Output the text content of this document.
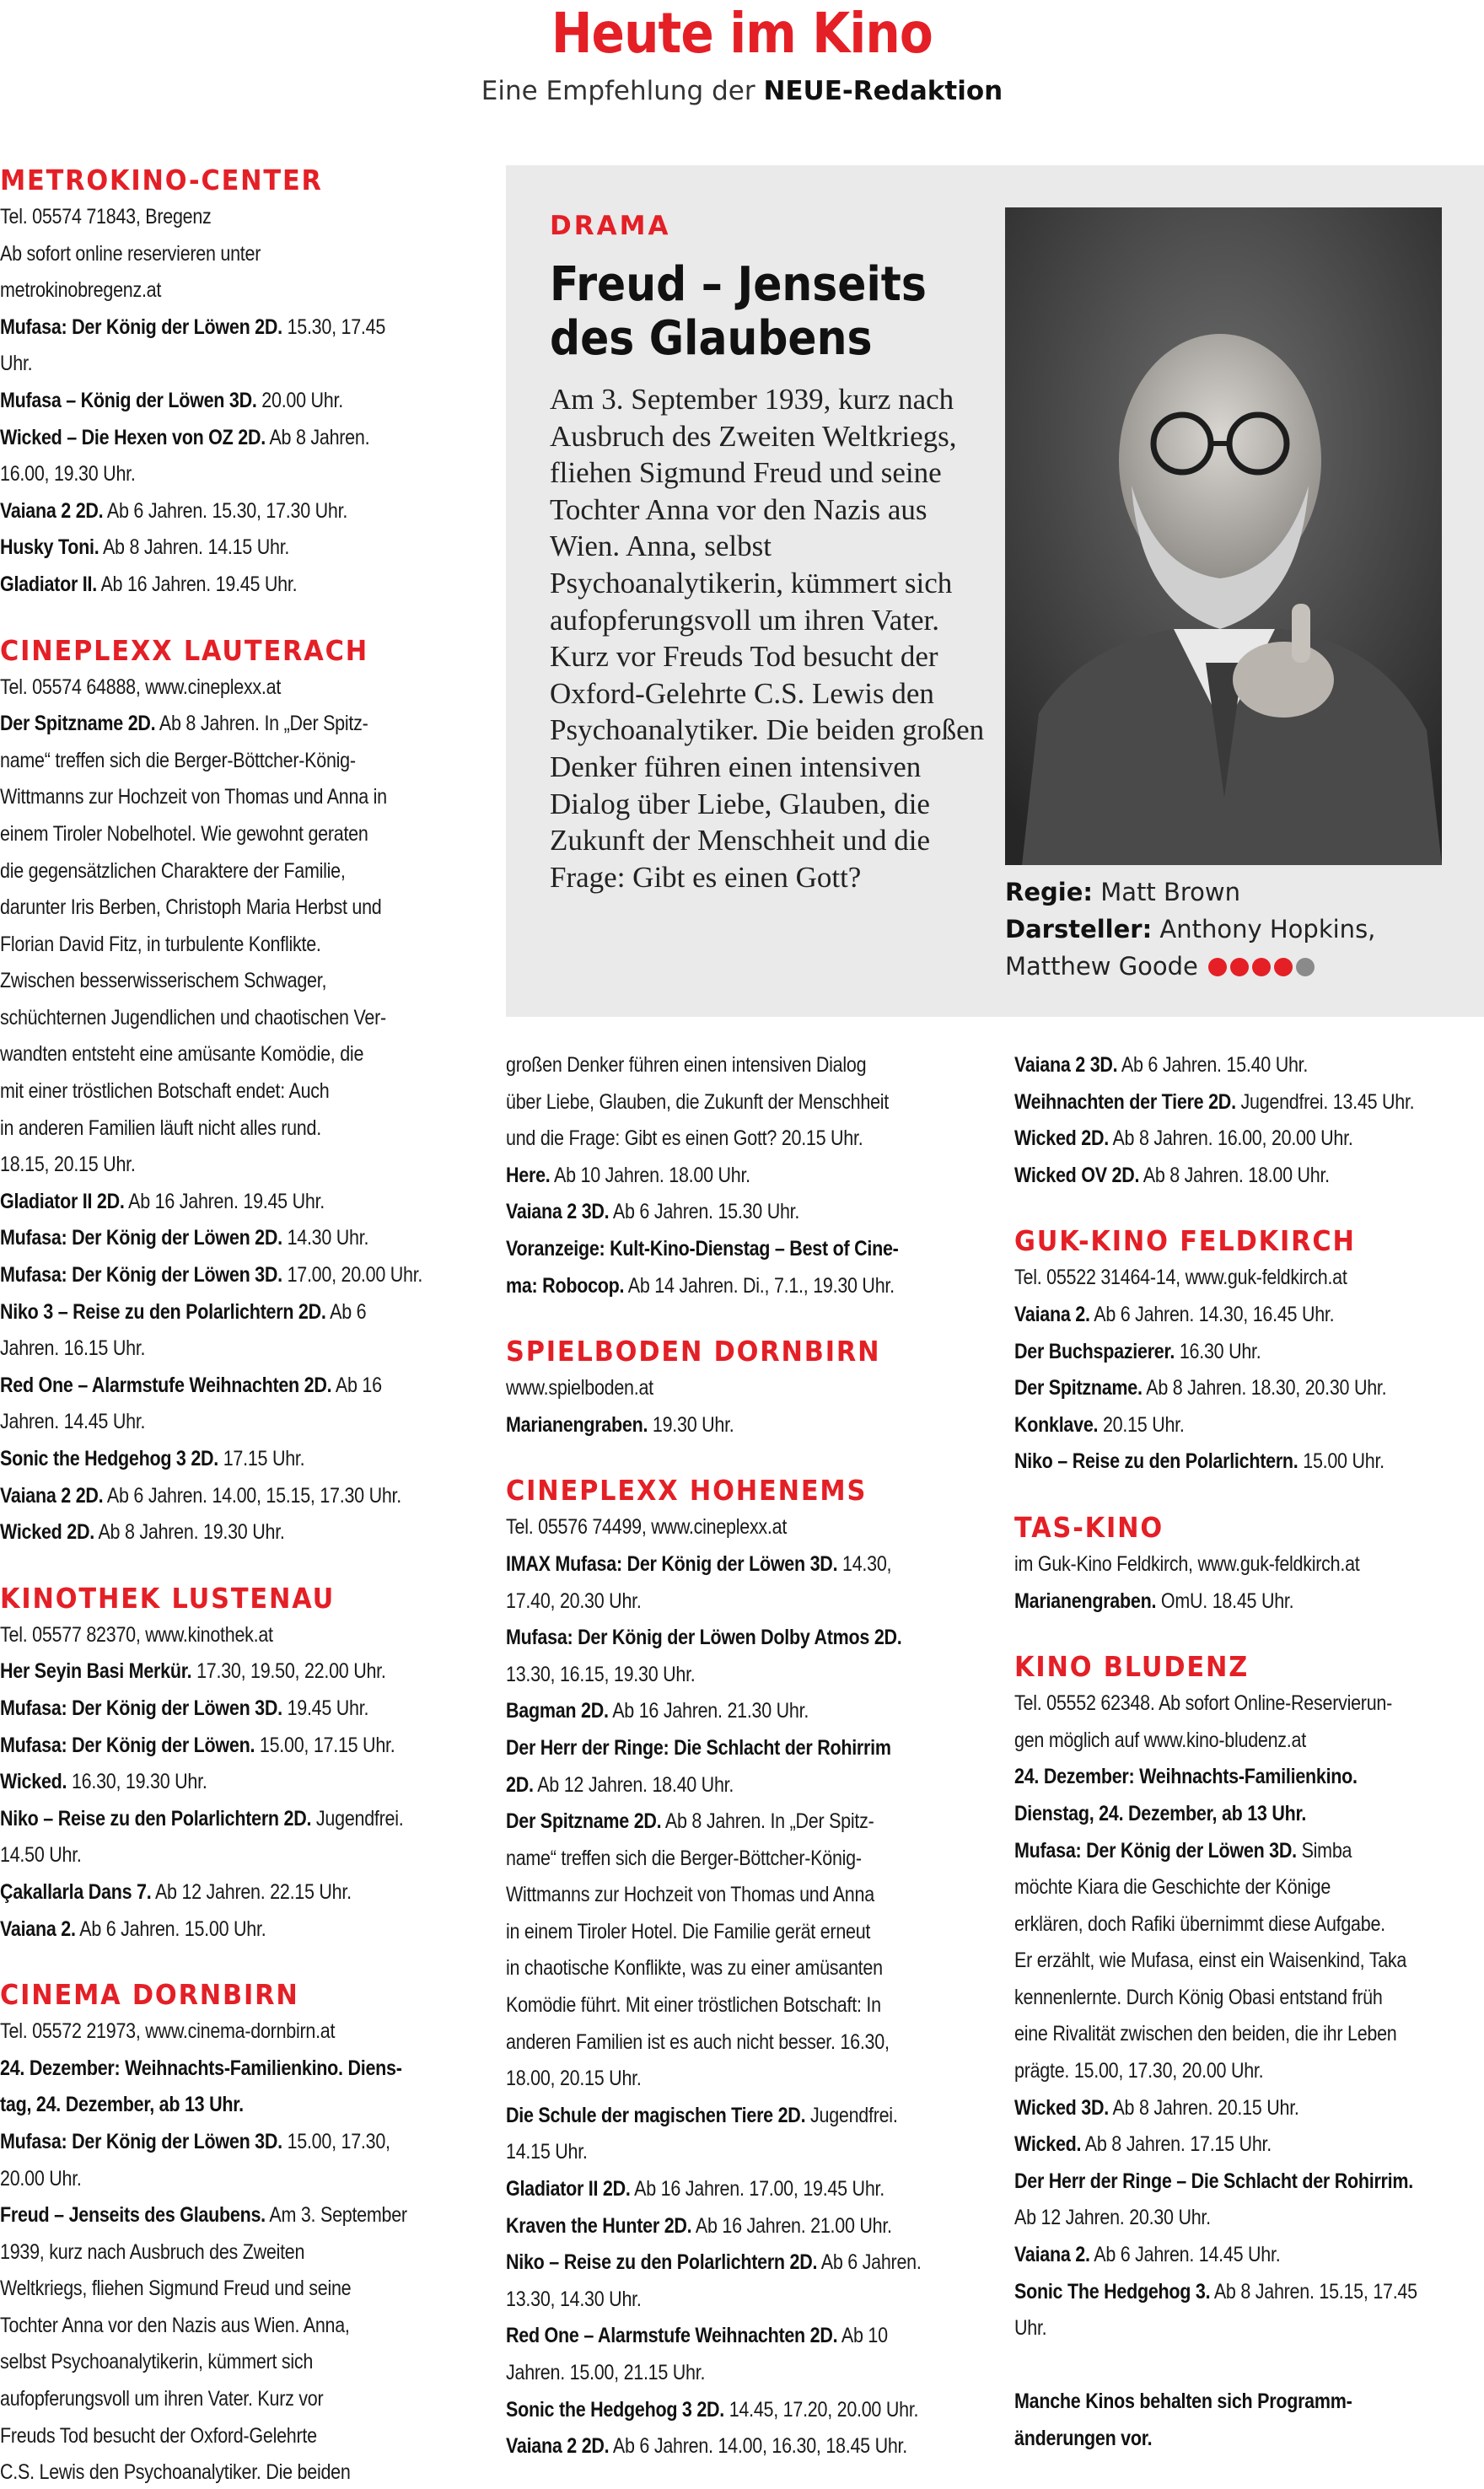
Heute im Kino
Eine Empfehlung der NEUE-Redaktion
METROKINO-CENTER
Tel. 05574 71843, Bregenz
Ab sofort online reservieren unter
metrokinobregenz.at
Mufasa: Der König der Löwen 2D. 15.30, 17.45
Uhr.
Mufasa – König der Löwen 3D. 20.00 Uhr.
Wicked – Die Hexen von OZ 2D. Ab 8 Jahren.
16.00, 19.30 Uhr.
Vaiana 2 2D. Ab 6 Jahren. 15.30, 17.30 Uhr.
Husky Toni. Ab 8 Jahren. 14.15 Uhr.
Gladiator II. Ab 16 Jahren. 19.45 Uhr.
CINEPLEXX LAUTERACH
Tel. 05574 64888, www.cineplexx.at
Der Spitzname 2D. Ab 8 Jahren. In „Der Spitz-
name“ treffen sich die Berger-Böttcher-König-
Wittmanns zur Hochzeit von Thomas und Anna in
einem Tiroler Nobelhotel. Wie gewohnt geraten
die gegensätzlichen Charaktere der Familie,
darunter Iris Berben, Christoph Maria Herbst und
Florian David Fitz, in turbulente Konflikte.
Zwischen besserwisserischem Schwager,
schüchternen Jugendlichen und chaotischen Ver-
wandten entsteht eine amüsante Komödie, die
mit einer tröstlichen Botschaft endet: Auch
in anderen Familien läuft nicht alles rund.
18.15, 20.15 Uhr.
Gladiator II 2D. Ab 16 Jahren. 19.45 Uhr.
Mufasa: Der König der Löwen 2D. 14.30 Uhr.
Mufasa: Der König der Löwen 3D. 17.00, 20.00 Uhr.
Niko 3 – Reise zu den Polarlichtern 2D. Ab 6
Jahren. 16.15 Uhr.
Red One – Alarmstufe Weihnachten 2D. Ab 16
Jahren. 14.45 Uhr.
Sonic the Hedgehog 3 2D. 17.15 Uhr.
Vaiana 2 2D. Ab 6 Jahren. 14.00, 15.15, 17.30 Uhr.
Wicked 2D. Ab 8 Jahren. 19.30 Uhr.
KINOTHEK LUSTENAU
Tel. 05577 82370, www.kinothek.at
Her Seyin Basi Merkür. 17.30, 19.50, 22.00 Uhr.
Mufasa: Der König der Löwen 3D. 19.45 Uhr.
Mufasa: Der König der Löwen. 15.00, 17.15 Uhr.
Wicked. 16.30, 19.30 Uhr.
Niko – Reise zu den Polarlichtern 2D. Jugendfrei.
14.50 Uhr.
Çakallarla Dans 7. Ab 12 Jahren. 22.15 Uhr.
Vaiana 2. Ab 6 Jahren. 15.00 Uhr.
CINEMA DORNBIRN
Tel. 05572 21973, www.cinema-dornbirn.at
24. Dezember: Weihnachts-Familienkino. Diens-
tag, 24. Dezember, ab 13 Uhr.
Mufasa: Der König der Löwen 3D. 15.00, 17.30,
20.00 Uhr.
Freud – Jenseits des Glaubens. Am 3. September
1939, kurz nach Ausbruch des Zweiten
Weltkriegs, fliehen Sigmund Freud und seine
Tochter Anna vor den Nazis aus Wien. Anna,
selbst Psychoanalytikerin, kümmert sich
aufopferungsvoll um ihren Vater. Kurz vor
Freuds Tod besucht der Oxford-Gelehrte
C.S. Lewis den Psychoanalytiker. Die beiden
DRAMA
Freud – Jenseits des Glaubens
Am 3. September 1939, kurz nach Ausbruch des Zweiten Weltkriegs, fliehen Sigmund Freud und seine Tochter Anna vor den Nazis aus Wien. Anna, selbst Psychoanalytikerin, kümmert sich aufopferungsvoll um ihren Vater. Kurz vor Freuds Tod besucht der Oxford-Gelehrte C.S. Lewis den Psychoanalytiker. Die beiden großen Denker führen einen intensiven Dialog über Liebe, Glauben, die Zukunft der Menschheit und die Frage: Gibt es einen Gott?	Regie: Matt Brown
Darsteller: Anthony Hopkins, Matthew Goode
großen Denker führen einen intensiven Dialog
über Liebe, Glauben, die Zukunft der Menschheit
und die Frage: Gibt es einen Gott? 20.15 Uhr.
Here. Ab 10 Jahren. 18.00 Uhr.
Vaiana 2 3D. Ab 6 Jahren. 15.30 Uhr.
Voranzeige: Kult-Kino-Dienstag – Best of Cine-
ma: Robocop. Ab 14 Jahren. Di., 7.1., 19.30 Uhr.
SPIELBODEN DORNBIRN
www.spielboden.at
Marianengraben. 19.30 Uhr.
CINEPLEXX HOHENEMS
Tel. 05576 74499, www.cineplexx.at
IMAX Mufasa: Der König der Löwen 3D. 14.30,
17.40, 20.30 Uhr.
Mufasa: Der König der Löwen Dolby Atmos 2D.
13.30, 16.15, 19.30 Uhr.
Bagman 2D. Ab 16 Jahren. 21.30 Uhr.
Der Herr der Ringe: Die Schlacht der Rohirrim
2D. Ab 12 Jahren. 18.40 Uhr.
Der Spitzname 2D. Ab 8 Jahren. In „Der Spitz-
name“ treffen sich die Berger-Böttcher-König-
Wittmanns zur Hochzeit von Thomas und Anna
in einem Tiroler Hotel. Die Familie gerät erneut
in chaotische Konflikte, was zu einer amüsanten
Komödie führt. Mit einer tröstlichen Botschaft: In
anderen Familien ist es auch nicht besser. 16.30,
18.00, 20.15 Uhr.
Die Schule der magischen Tiere 2D. Jugendfrei.
14.15 Uhr.
Gladiator II 2D. Ab 16 Jahren. 17.00, 19.45 Uhr.
Kraven the Hunter 2D. Ab 16 Jahren. 21.00 Uhr.
Niko – Reise zu den Polarlichtern 2D. Ab 6 Jahren.
13.30, 14.30 Uhr.
Red One – Alarmstufe Weihnachten 2D. Ab 10
Jahren. 15.00, 21.15 Uhr.
Sonic the Hedgehog 3 2D. 14.45, 17.20, 20.00 Uhr.
Vaiana 2 2D. Ab 6 Jahren. 14.00, 16.30, 18.45 Uhr.
Vaiana 2 3D. Ab 6 Jahren. 15.40 Uhr.
Weihnachten der Tiere 2D. Jugendfrei. 13.45 Uhr.
Wicked 2D. Ab 8 Jahren. 16.00, 20.00 Uhr.
Wicked OV 2D. Ab 8 Jahren. 18.00 Uhr.
GUK-KINO FELDKIRCH
Tel. 05522 31464-14, www.guk-feldkirch.at
Vaiana 2. Ab 6 Jahren. 14.30, 16.45 Uhr.
Der Buchspazierer. 16.30 Uhr.
Der Spitzname. Ab 8 Jahren. 18.30, 20.30 Uhr.
Konklave. 20.15 Uhr.
Niko – Reise zu den Polarlichtern. 15.00 Uhr.
TAS-KINO
im Guk-Kino Feldkirch, www.guk-feldkirch.at
Marianengraben. OmU. 18.45 Uhr.
KINO BLUDENZ
Tel. 05552 62348. Ab sofort Online-Reservierun-
gen möglich auf www.kino-bludenz.at
24. Dezember: Weihnachts-Familienkino.
Dienstag, 24. Dezember, ab 13 Uhr.
Mufasa: Der König der Löwen 3D. Simba
möchte Kiara die Geschichte der Könige
erklären, doch Rafiki übernimmt diese Aufgabe.
Er erzählt, wie Mufasa, einst ein Waisenkind, Taka
kennenlernte. Durch König Obasi entstand früh
eine Rivalität zwischen den beiden, die ihr Leben
prägte. 15.00, 17.30, 20.00 Uhr.
Wicked 3D. Ab 8 Jahren. 20.15 Uhr.
Wicked. Ab 8 Jahren. 17.15 Uhr.
Der Herr der Ringe – Die Schlacht der Rohirrim.
Ab 12 Jahren. 20.30 Uhr.
Vaiana 2. Ab 6 Jahren. 14.45 Uhr.
Sonic The Hedgehog 3. Ab 8 Jahren. 15.15, 17.45
Uhr.

Manche Kinos behalten sich Programm-
änderungen vor.
